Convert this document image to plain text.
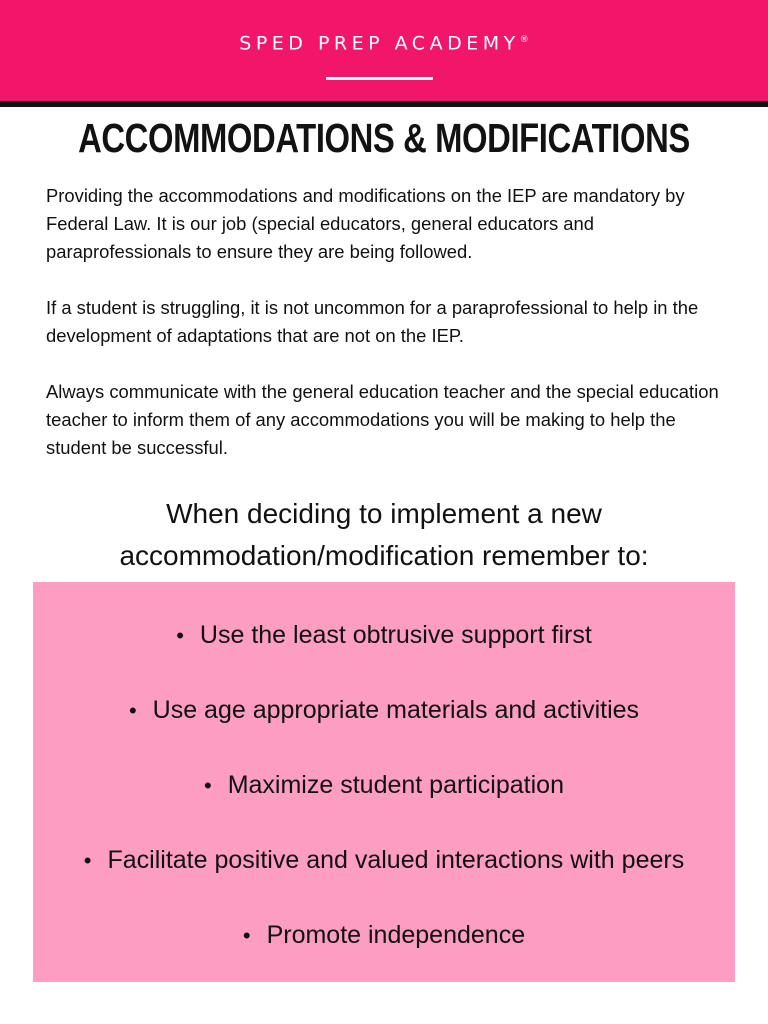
SPED PREP ACADEMY®
ACCOMMODATIONS & MODIFICATIONS

Providing the accommodations and modifications on the IEP are mandatory by Federal Law. It is our job (special educators, general educators and paraprofessionals to ensure they are being followed.

If a student is struggling, it is not uncommon for a paraprofessional to help in the development of adaptations that are not on the IEP.

Always communicate with the general education teacher and the special education teacher to inform them of any accommodations you will be making to help the student be successful.

When deciding to implement a new
accommodation/modification remember to:
• Use the least obtrusive support first
• Use age appropriate materials and activities
• Maximize student participation
• Facilitate positive and valued interactions with peers
• Promote independence
